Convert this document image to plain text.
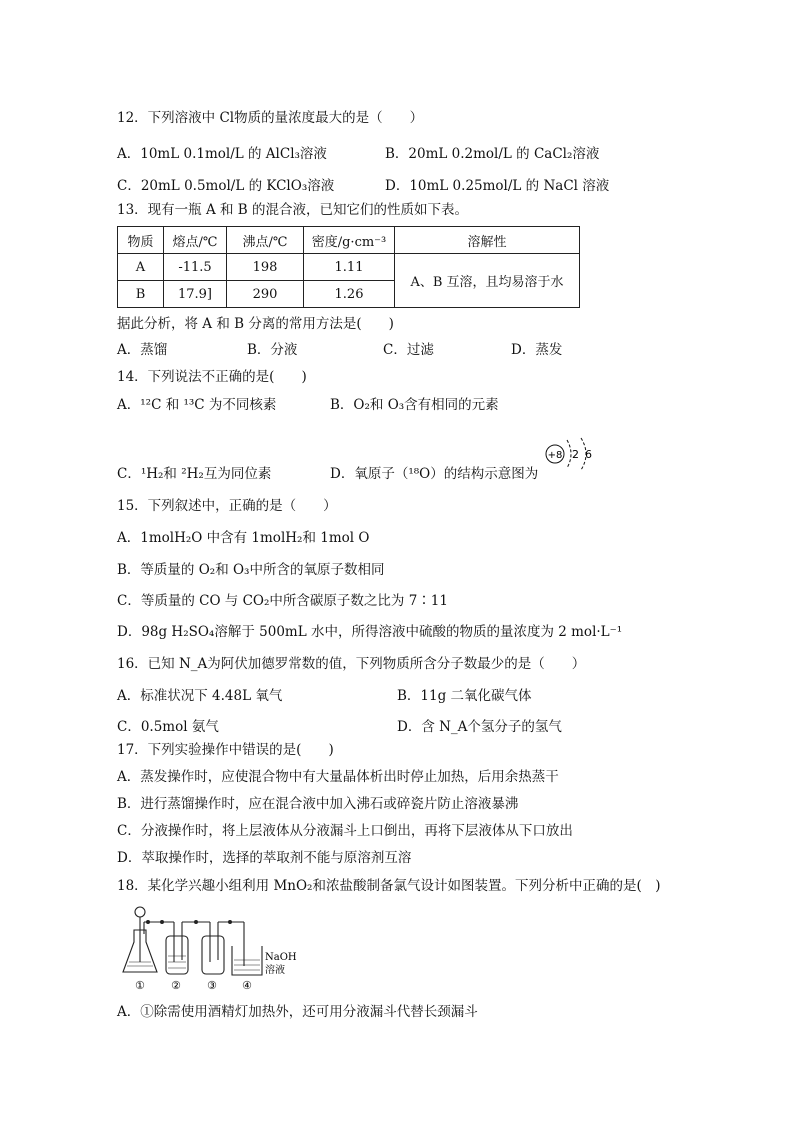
12．下列溶液中 Cl物质的量浓度最大的是（　　）
A．10mL 0.1mol/L 的 AlCl₃溶液	B．20mL 0.2mol/L 的 CaCl₂溶液
C．20mL 0.5mol/L 的 KClO₃溶液	D．10mL 0.25mol/L 的 NaCl 溶液
13．现有一瓶 A 和 B 的混合液，已知它们的性质如下表。
物质	熔点/℃	沸点/℃	密度/g·cm⁻³	溶解性
A	-11.5	198	1.11	A、B 互溶，且均易溶于水
B	17.9]	290	1.26	
据此分析，将 A 和 B 分离的常用方法是(　　)
A．蒸馏	B．分液	C．过滤	D．蒸发
14．下列说法不正确的是(　　)
A．¹²C 和 ¹³C 为不同核素	B．O₂和 O₃含有相同的元素
C．¹H₂和 ²H₂互为同位素	D．氧原子（¹⁸O）的结构示意图为
+8 2 6
15．下列叙述中，正确的是（　　）
A．1molH₂O 中含有 1molH₂和 1mol O
B．等质量的 O₂和 O₃中所含的氧原子数相同
C．等质量的 CO 与 CO₂中所含碳原子数之比为 7∶11
D．98g H₂SO₄溶解于 500mL 水中，所得溶液中硫酸的物质的量浓度为 2 mol·L⁻¹
16．已知 N_A为阿伏加德罗常数的值，下列物质所含分子数最少的是（　　）
A．标准状况下 4.48L 氧气	B．11g 二氧化碳气体
C．0.5mol 氨气	D．含 N_A个氢分子的氢气
17．下列实验操作中错误的是(　　)
A．蒸发操作时，应使混合物中有大量晶体析出时停止加热，后用余热蒸干
B．进行蒸馏操作时，应在混合液中加入沸石或碎瓷片防止溶液暴沸
C．分液操作时，将上层液体从分液漏斗上口倒出，再将下层液体从下口放出
D．萃取操作时，选择的萃取剂不能与原溶剂互溶
18．某化学兴趣小组利用 MnO₂和浓盐酸制备氯气设计如图装置。下列分析中正确的是(　)
NaOH
溶液
① ② ③ ④
A．①除需使用酒精灯加热外，还可用分液漏斗代替长颈漏斗
